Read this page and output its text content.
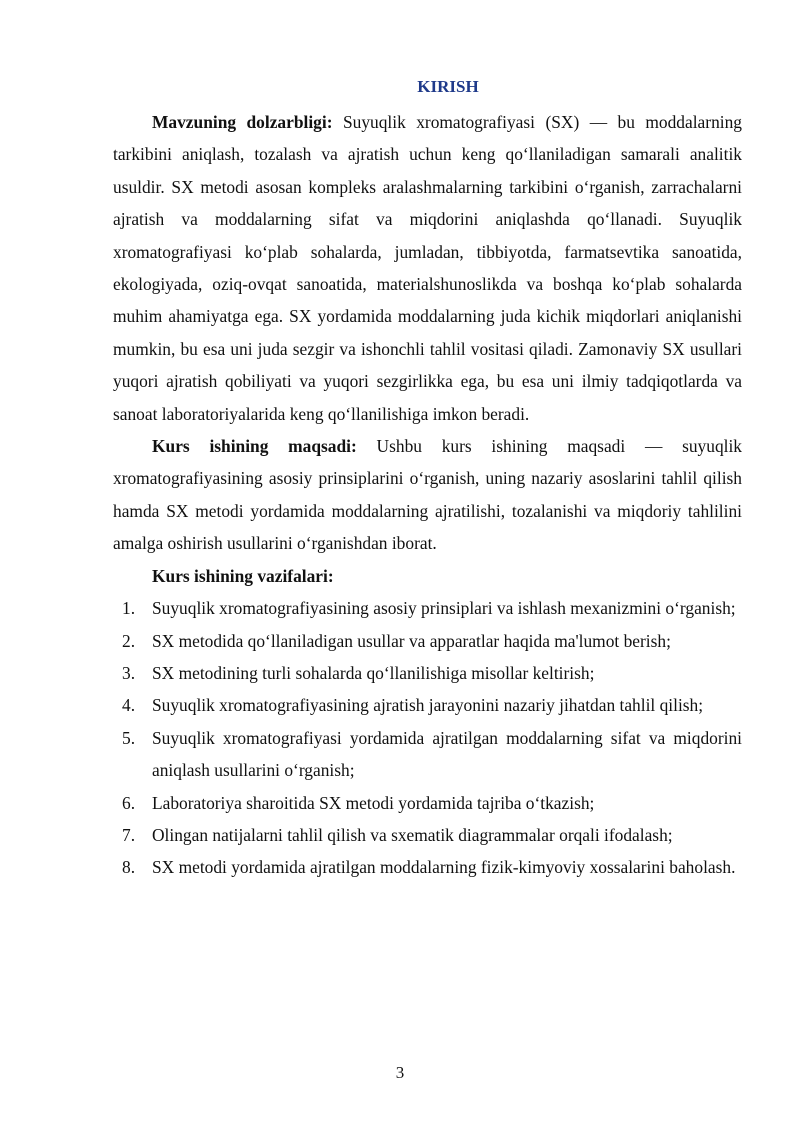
KIRISH

Mavzuning dolzarbligi: Suyuqlik xromatografiyasi (SX) — bu moddalarning tarkibini aniqlash, tozalash va ajratish uchun keng qoʻllaniladigan samarali analitik usuldir. SX metodi asosan kompleks aralashmalarning tarkibini oʻrganish, zarrachalarni ajratish va moddalarning sifat va miqdorini aniqlashda qoʻllanadi. Suyuqlik xromatografiyasi koʻplab sohalarda, jumladan, tibbiyotda, farmatsevtika sanoatida, ekologiyada, oziq-ovqat sanoatida, materialshunoslikda va boshqa koʻplab sohalarda muhim ahamiyatga ega. SX yordamida moddalarning juda kichik miqdorlari aniqlanishi mumkin, bu esa uni juda sezgir va ishonchli tahlil vositasi qiladi. Zamonaviy SX usullari yuqori ajratish qobiliyati va yuqori sezgirlikka ega, bu esa uni ilmiy tadqiqotlarda va sanoat laboratoriyalarida keng qoʻllanilishiga imkon beradi.

Kurs ishining maqsadi: Ushbu kurs ishining maqsadi — suyuqlik xromatografiyasining asosiy prinsiplarini oʻrganish, uning nazariy asoslarini tahlil qilish hamda SX metodi yordamida moddalarning ajratilishi, tozalanishi va miqdoriy tahlilini amalga oshirish usullarini oʻrganishdan iborat.

Kurs ishining vazifalari:

1. Suyuqlik xromatografiyasining asosiy prinsiplari va ishlash mexanizmini oʻrganish;
2. SX metodida qoʻllaniladigan usullar va apparatlar haqida ma'lumot berish;
3. SX metodining turli sohalarda qoʻllanilishiga misollar keltirish;
4. Suyuqlik xromatografiyasining ajratish jarayonini nazariy jihatdan tahlil qilish;
5. Suyuqlik xromatografiyasi yordamida ajratilgan moddalarning sifat va miqdorini aniqlash usullarini oʻrganish;
6. Laboratoriya sharoitida SX metodi yordamida tajriba oʻtkazish;
7. Olingan natijalarni tahlil qilish va sxematik diagrammalar orqali ifodalash;
8. SX metodi yordamida ajratilgan moddalarning fizik-kimyoviy xossalarini baholash.
3
